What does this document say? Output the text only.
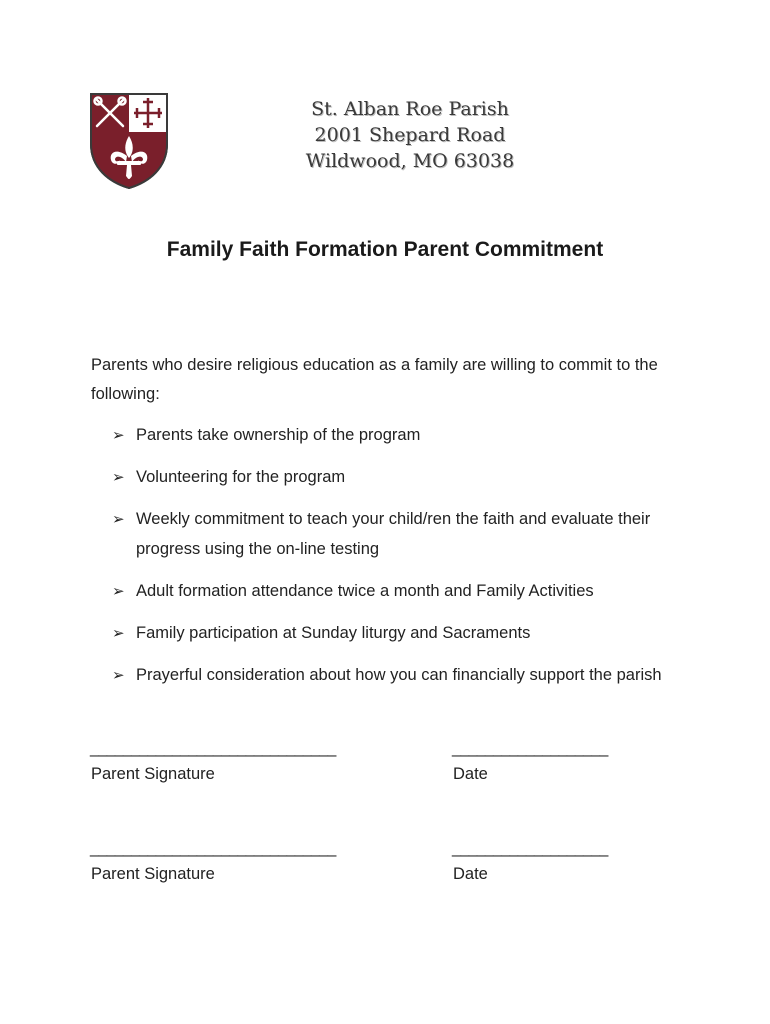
St. Alban Roe Parish
2001 Shepard Road
Wildwood, MO 63038
Family Faith Formation Parent Commitment
Parents who desire religious education as a family are willing to commit to the following:
➢ Parents take ownership of the program
➢ Volunteering for the program
➢ Weekly commitment to teach your child/ren the faith and evaluate their progress using the on-line testing
➢ Adult formation attendance twice a month and Family Activities
➢ Family participation at Sunday liturgy and Sacraments
➢ Prayerful consideration about how you can financially support the parish
______________________________	___________________
Parent Signature	Date
______________________________	___________________
Parent Signature	Date
